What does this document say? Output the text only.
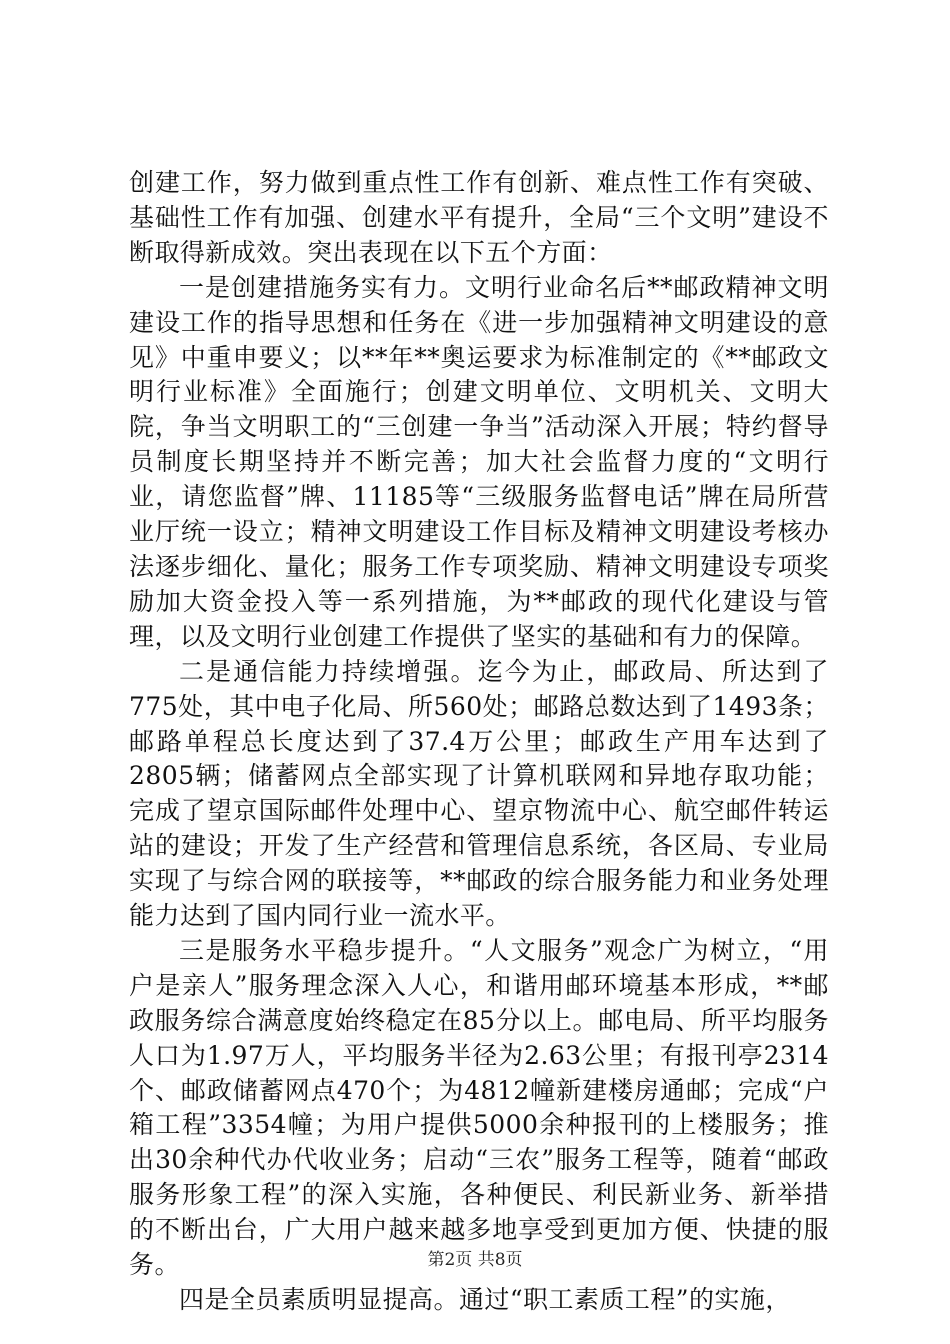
创建工作，努力做到重点性工作有创新、难点性工作有突破、基础性工作有加强、创建水平有提升，全局“三个文明”建设不断取得新成效。突出表现在以下五个方面：

一是创建措施务实有力。文明行业命名后**邮政精神文明建设工作的指导思想和任务在《进一步加强精神文明建设的意见》中重申要义；以**年**奥运要求为标准制定的《**邮政文明行业标准》全面施行；创建文明单位、文明机关、文明大院，争当文明职工的“三创建一争当”活动深入开展；特约督导员制度长期坚持并不断完善；加大社会监督力度的“文明行业，请您监督”牌、11185等“三级服务监督电话”牌在局所营业厅统一设立；精神文明建设工作目标及精神文明建设考核办法逐步细化、量化；服务工作专项奖励、精神文明建设专项奖励加大资金投入等一系列措施，为**邮政的现代化建设与管理，以及文明行业创建工作提供了坚实的基础和有力的保障。

二是通信能力持续增强。迄今为止，邮政局、所达到了775处，其中电子化局、所560处；邮路总数达到了1493条；邮路单程总长度达到了37.4万公里；邮政生产用车达到了2805辆；储蓄网点全部实现了计算机联网和异地存取功能；完成了望京国际邮件处理中心、望京物流中心、航空邮件转运站的建设；开发了生产经营和管理信息系统，各区局、专业局实现了与综合网的联接等，**邮政的综合服务能力和业务处理能力达到了国内同行业一流水平。

三是服务水平稳步提升。“人文服务”观念广为树立，“用户是亲人”服务理念深入人心，和谐用邮环境基本形成，**邮政服务综合满意度始终稳定在85分以上。邮电局、所平均服务人口为1.97万人，平均服务半径为2.63公里；有报刊亭2314个、邮政储蓄网点470个；为4812幢新建楼房通邮；完成“户箱工程”3354幢；为用户提供5000余种报刊的上楼服务；推出30余种代办代收业务；启动“三农”服务工程等，随着“邮政服务形象工程”的深入实施，各种便民、利民新业务、新举措的不断出台，广大用户越来越多地享受到更加方便、快捷的服务。

四是全员素质明显提高。通过“职工素质工程”的实施，

第2页 共8页
